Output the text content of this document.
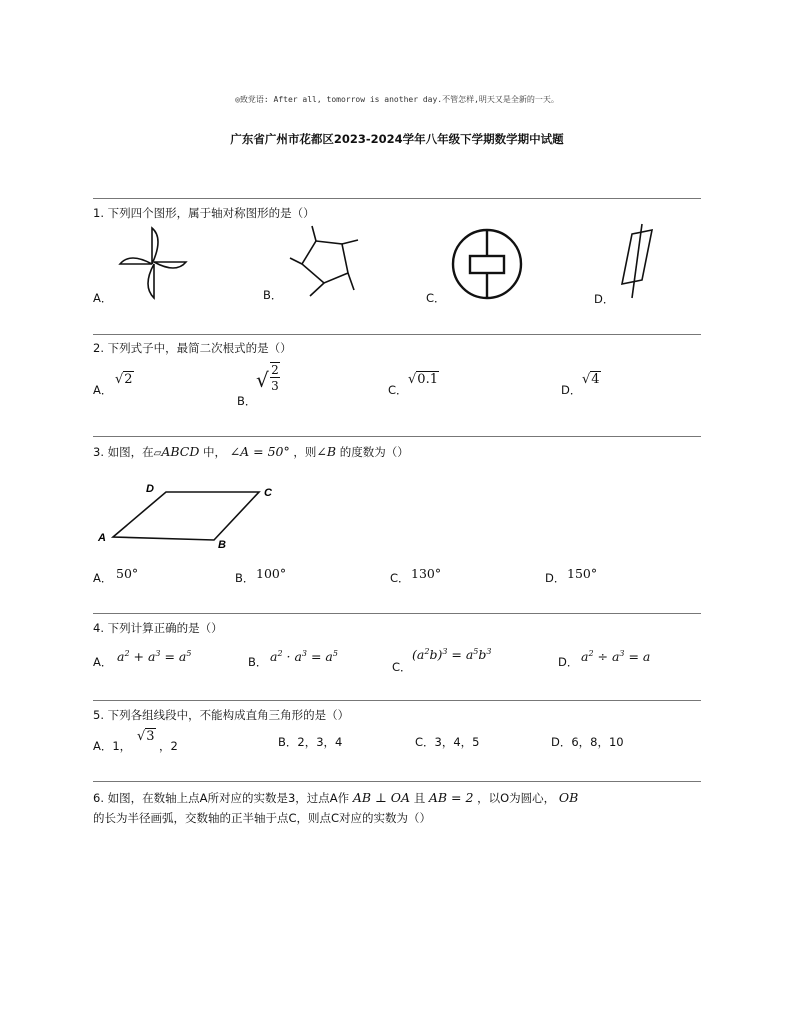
◎致党语: After all, tomorrow is another day.不管怎样,明天又是全新的一天。
广东省广州市花都区2023-2024学年八年级下学期数学期中试题
1. 下列四个图形，属于轴对称图形的是（）
A．	B．	C．	D．
2. 下列式子中，最简二次根式的是（）
A．
√2
B．
√ 2
3	C．
√0.1
D．
√4
3. 如图，在▱ABCD 中， ∠A = 50° ，则∠B 的度数为（）
D	C
A
B
A． 50°	B． 100°	C． 130°	D． 150°
4. 下列计算正确的是（）
A． $a^2 + a^3 = a^5$
B． $a^2 \cdot a^3 = a^5$
C．
$(a^2b)^3 = a^5b^3$
D． $a^2 \div a^3 = a$
5. 下列各组线段中，不能构成直角三角形的是（）
A．1，
√3
，2	B．2，3，4	C．3，4，5	D．6，8，10
6. 如图，在数轴上点A所对应的实数是3，过点A作 AB ⊥ OA 且 AB = 2 ，以O为圆心， OB
的长为半径画弧，交数轴的正半轴于点C，则点C对应的实数为（）
